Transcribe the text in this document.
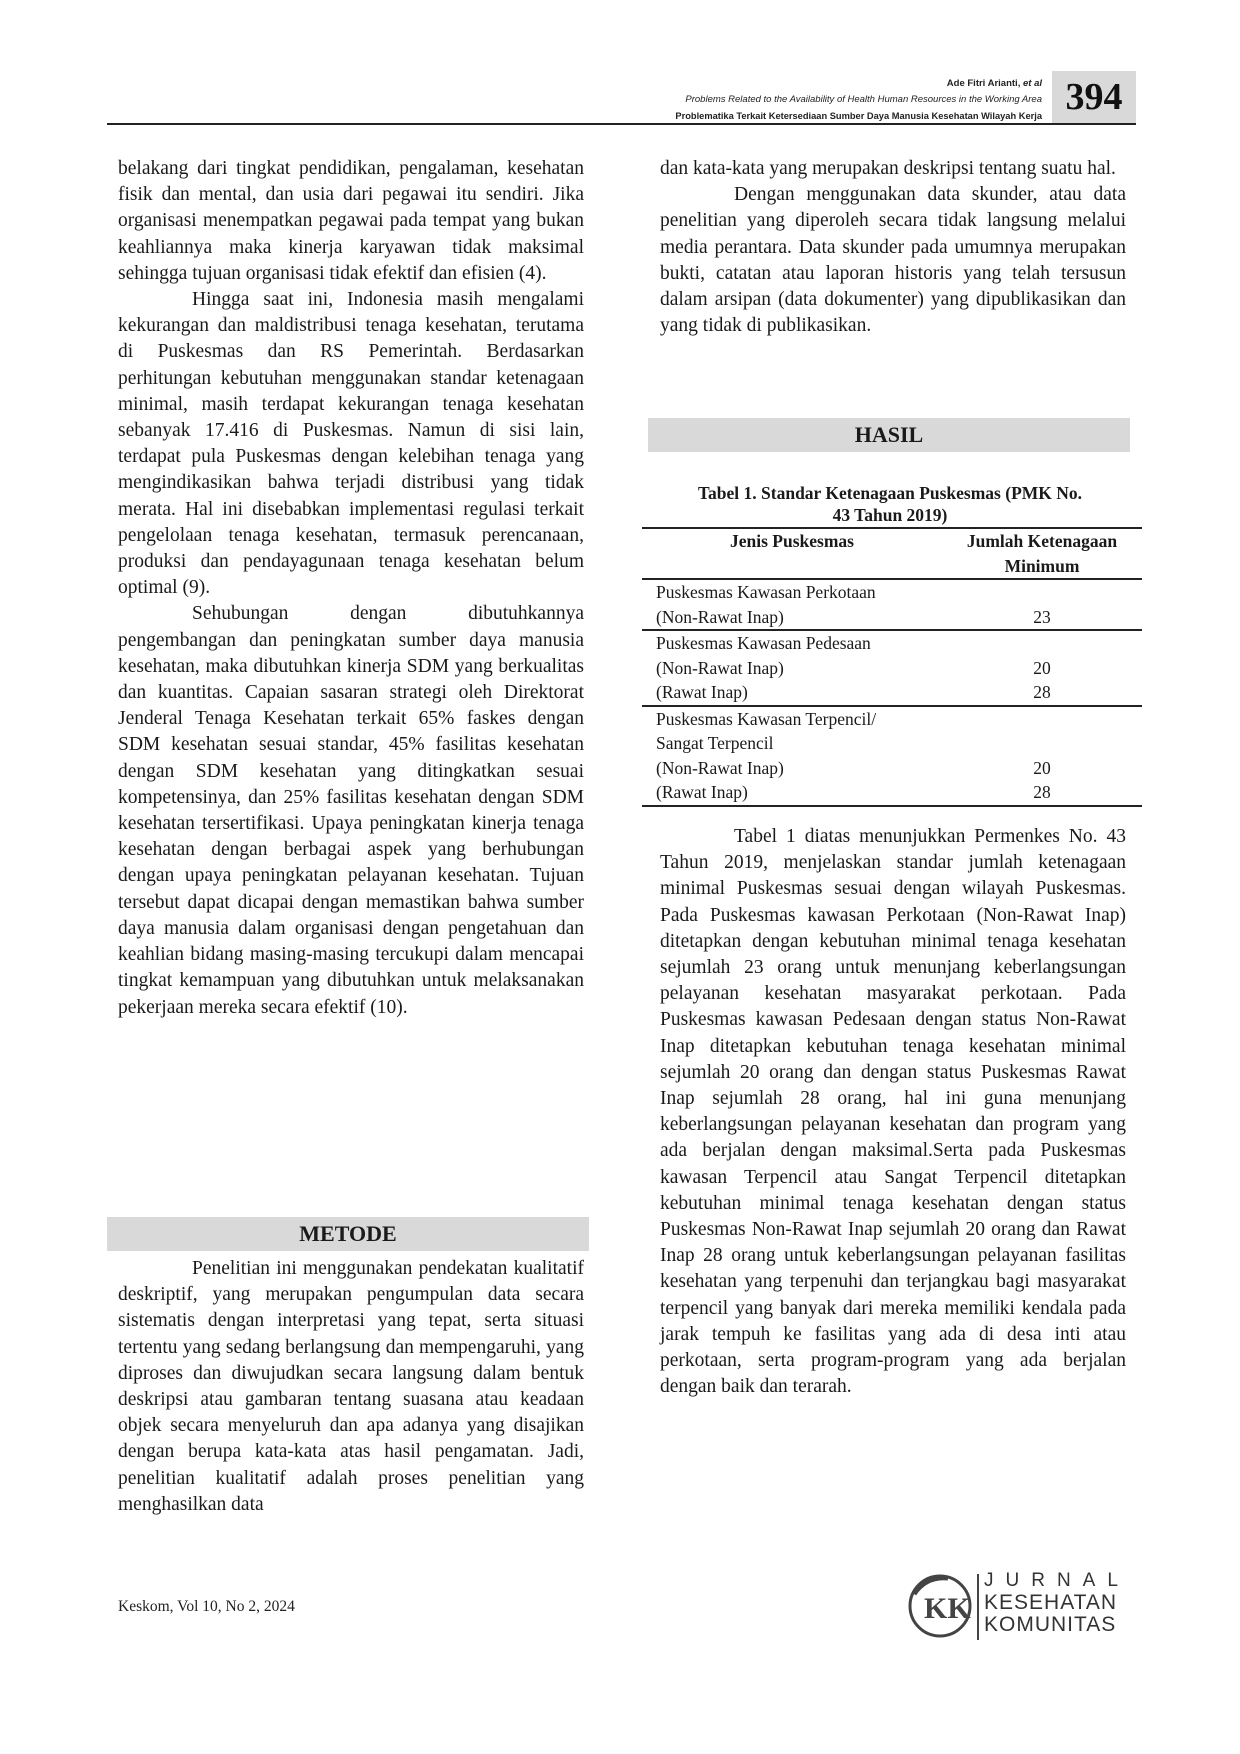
Ade Fitri Arianti, et al
Problems Related to the Availability of Health Human Resources in the Working Area
Problematika Terkait Ketersediaan Sumber Daya Manusia Kesehatan Wilayah Kerja 394

belakang dari tingkat pendidikan, pengalaman, kesehatan fisik dan mental, dan usia dari pegawai itu sendiri. Jika organisasi menempatkan pegawai pada tempat yang bukan keahliannya maka kinerja karyawan tidak maksimal sehingga tujuan organisasi tidak efektif dan efisien (4).

Hingga saat ini, Indonesia masih mengalami kekurangan dan maldistribusi tenaga kesehatan, terutama di Puskesmas dan RS Pemerintah. Berdasarkan perhitungan kebutuhan menggunakan standar ketenagaan minimal, masih terdapat kekurangan tenaga kesehatan sebanyak 17.416 di Puskesmas. Namun di sisi lain, terdapat pula Puskesmas dengan kelebihan tenaga yang mengindikasikan bahwa terjadi distribusi yang tidak merata. Hal ini disebabkan implementasi regulasi terkait pengelolaan tenaga kesehatan, termasuk perencanaan, produksi dan pendayagunaan tenaga kesehatan belum optimal (9).

Sehubungan dengan dibutuhkannya pengembangan dan peningkatan sumber daya manusia kesehatan, maka dibutuhkan kinerja SDM yang berkualitas dan kuantitas. Capaian sasaran strategi oleh Direktorat Jenderal Tenaga Kesehatan terkait 65% faskes dengan SDM kesehatan sesuai standar, 45% fasilitas kesehatan dengan SDM kesehatan yang ditingkatkan sesuai kompetensinya, dan 25% fasilitas kesehatan dengan SDM kesehatan tersertifikasi. Upaya peningkatan kinerja tenaga kesehatan dengan berbagai aspek yang berhubungan dengan upaya peningkatan pelayanan kesehatan. Tujuan tersebut dapat dicapai dengan memastikan bahwa sumber daya manusia dalam organisasi dengan pengetahuan dan keahlian bidang masing-masing tercukupi dalam mencapai tingkat kemampuan yang dibutuhkan untuk melaksanakan pekerjaan mereka secara efektif (10).

METODE

Penelitian ini menggunakan pendekatan kualitatif deskriptif, yang merupakan pengumpulan data secara sistematis dengan interpretasi yang tepat, serta situasi tertentu yang sedang berlangsung dan mempengaruhi, yang diproses dan diwujudkan secara langsung dalam bentuk deskripsi atau gambaran tentang suasana atau keadaan objek secara menyeluruh dan apa adanya yang disajikan dengan berupa kata-kata atas hasil pengamatan. Jadi, penelitian kualitatif adalah proses penelitian yang menghasilkan data

dan kata-kata yang merupakan deskripsi tentang suatu hal.

Dengan menggunakan data skunder, atau data penelitian yang diperoleh secara tidak langsung melalui media perantara. Data skunder pada umumnya merupakan bukti, catatan atau laporan historis yang telah tersusun dalam arsipan (data dokumenter) yang dipublikasikan dan yang tidak di publikasikan.

HASIL
Tabel 1. Standar Ketenagaan Puskesmas (PMK No.
43 Tahun 2019)
Jenis Puskesmas	Jumlah Ketenagaan
Minimum

Puskesmas Kawasan Perkotaan	
(Non-Rawat Inap)	23
Puskesmas Kawasan Pedesaan	
(Non-Rawat Inap)	20
(Rawat Inap)	28
Puskesmas Kawasan Terpencil/	
Sangat Terpencil	
(Non-Rawat Inap)	20
(Rawat Inap)	28

Tabel 1 diatas menunjukkan Permenkes No. 43 Tahun 2019, menjelaskan standar jumlah ketenagaan minimal Puskesmas sesuai dengan wilayah Puskesmas. Pada Puskesmas kawasan Perkotaan (Non-Rawat Inap) ditetapkan dengan kebutuhan minimal tenaga kesehatan sejumlah 23 orang untuk menunjang keberlangsungan pelayanan kesehatan masyarakat perkotaan. Pada Puskesmas kawasan Pedesaan dengan status Non-Rawat Inap ditetapkan kebutuhan tenaga kesehatan minimal sejumlah 20 orang dan dengan status Puskesmas Rawat Inap sejumlah 28 orang, hal ini guna menunjang keberlangsungan pelayanan kesehatan dan program yang ada berjalan dengan maksimal.Serta pada Puskesmas kawasan Terpencil atau Sangat Terpencil ditetapkan kebutuhan minimal tenaga kesehatan dengan status Puskesmas Non-Rawat Inap sejumlah 20 orang dan Rawat Inap 28 orang untuk keberlangsungan pelayanan fasilitas kesehatan yang terpenuhi dan terjangkau bagi masyarakat terpencil yang banyak dari mereka memiliki kendala pada jarak tempuh ke fasilitas yang ada di desa inti atau perkotaan, serta program-program yang ada berjalan dengan baik dan terarah.

Keskom, Vol 10, No 2, 2024	KK
JURNAL
KESEHATAN
KOMUNITAS
